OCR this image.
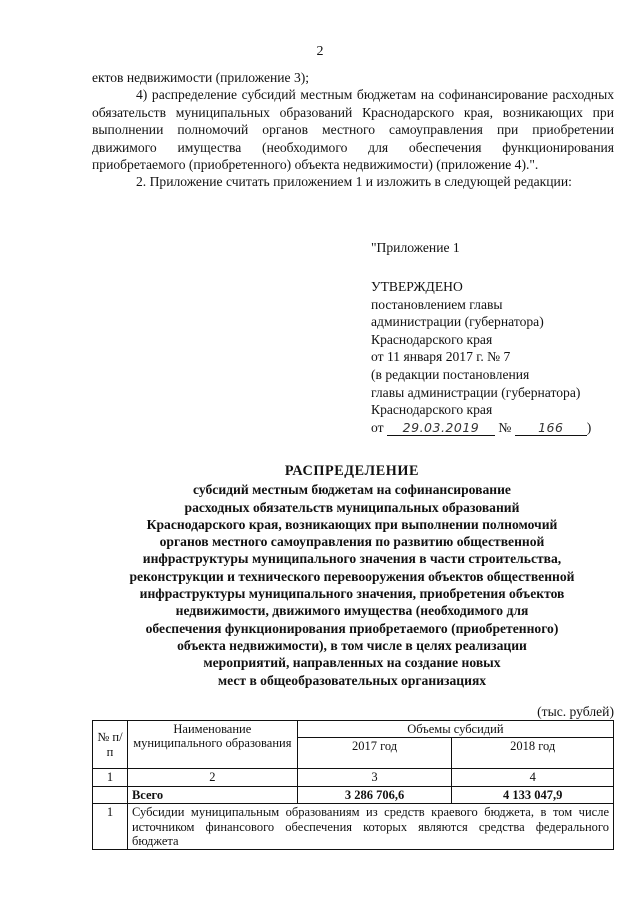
2

ектов недвижимости (приложение 3);

4) распределение субсидий местным бюджетам на софинансирование расходных обязательств муниципальных образований Краснодарского края, возникающих при выполнении полномочий органов местного самоуправления при приобретении движимого имущества (необходимого для обеспечения функционирования приобретаемого (приобретенного) объекта недвижимости) (приложение 4).".

2. Приложение считать приложением 1 и изложить в следующей редакции:

"Приложение 1
УТВЕРЖДЕНО
постановлением главы
администрации (губернатора)
Краснодарского края
от 11 января 2017 г. № 7
(в редакции постановления
главы администрации (губернатора)
Краснодарского края
от 29.03.2019 № 166 )
РАСПРЕДЕЛЕНИЕ
субсидий местным бюджетам на софинансирование
расходных обязательств муниципальных образований
Краснодарского края, возникающих при выполнении полномочий
органов местного самоуправления по развитию общественной
инфраструктуры муниципального значения в части строительства,
реконструкции и технического перевооружения объектов общественной
инфраструктуры муниципального значения, приобретения объектов
недвижимости, движимого имущества (необходимого для
обеспечения функционирования приобретаемого (приобретенного)
объекта недвижимости), в том числе в целях реализации
мероприятий, направленных на создание новых
мест в общеобразовательных организациях
(тыс. рублей)
№ п/п	Наименование муниципального образования	Объемы субсидий	
		2017 год	2018 год
1	2	3	4
	Всего	3 286 706,6	4 133 047,9
1	Субсидии муниципальным образованиям из средств краевого бюджета, в том числе источником финансового обеспечения которых являются средства федерального бюджета		
